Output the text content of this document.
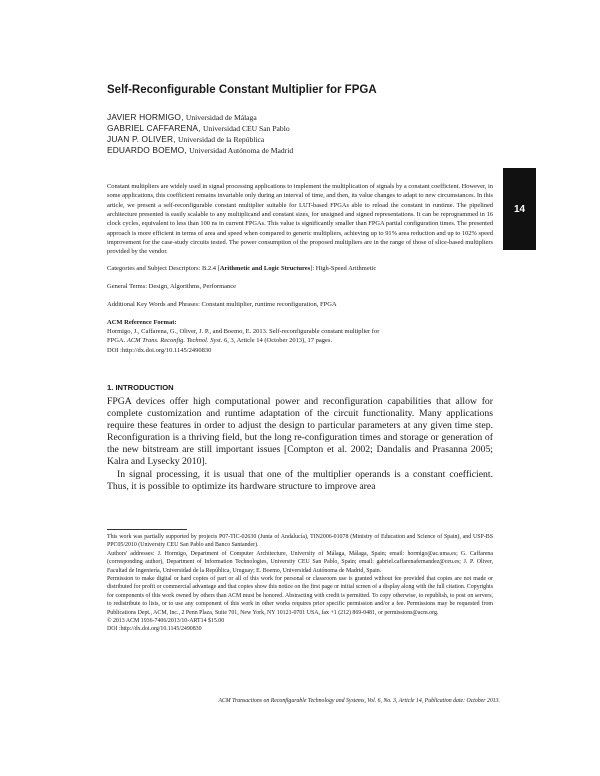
Self-Reconfigurable Constant Multiplier for FPGA
JAVIER HORMIGO, Universidad de Málaga
GABRIEL CAFFARENA, Universidad CEU San Pablo
JUAN P. OLIVER, Universidad de la República
EDUARDO BOEMO, Universidad Autónoma de Madrid
14
Constant multipliers are widely used in signal processing applications to implement the multiplication of signals by a constant coefficient. However, in some applications, this coefficient remains invariable only during an interval of time, and then, its value changes to adapt to new circumstances. In this article, we present a self-reconfigurable constant multiplier suitable for LUT-based FPGAs able to reload the constant in runtime. The pipelined architecture presented is easily scalable to any multiplicand and constant sizes, for unsigned and signed representations. It can be reprogrammed in 16 clock cycles, equivalent to less than 100 ns in current FPGAs. This value is significantly smaller than FPGA partial configuration times. The presented approach is more efficient in terms of area and speed when compared to generic multipliers, achieving up to 91% area reduction and up to 102% speed improvement for the case-study circuits tested. The power consumption of the proposed multipliers are in the range of those of slice-based multipliers provided by the vendor.
Categories and Subject Descriptors: B.2.4 [Arithmetic and Logic Structures]: High-Speed Arithmetic
General Terms: Design, Algorithms, Performance
Additional Key Words and Phrases: Constant multiplier, runtime reconfiguration, FPGA
ACM Reference Format:
Hormigo, J., Caffarena, G., Oliver, J. P., and Boemo, E. 2013. Self-reconfigurable constant multiplier for
FPGA. ACM Trans. Reconfig. Technol. Syst. 6, 3, Article 14 (October 2013), 17 pages.
DOI :http://dx.doi.org/10.1145/2490830
1. INTRODUCTION

FPGA devices offer high computational power and reconfiguration capabilities that allow for complete customization and runtime adaptation of the circuit functionality. Many applications require these features in order to adjust the design to particular parameters at any given time step. Reconfiguration is a thriving field, but the long re-configuration times and storage or generation of the new bitstream are still important issues [Compton et al. 2002; Dandalis and Prasanna 2005; Kalra and Lysecky 2010].

In signal processing, it is usual that one of the multiplier operands is a constant coefficient. Thus, it is possible to optimize its hardware structure to improve area

This work was partially supported by projects P07-TIC-02630 (Junta of Andalucía), TIN2006-01078 (Ministry of Education and Science of Spain), and USP-BS PPC05/2010 (University CEU San Pablo and Banco Santander).

Authors' addresses: J. Hormigo, Department of Computer Architecture, University of Málaga, Málaga, Spain; email: hormigo@ac.uma.es; G. Caffarena (corresponding author), Department of Information Technologies, University CEU San Pablo, Spain; email: gabriel.caffarenafernandez@ceu.es; J. P. Oliver, Facultad de Ingeniería, Universidad de la República, Uruguay; E. Boemo, Universidad Autónoma de Madrid, Spain.

Permission to make digital or hard copies of part or all of this work for personal or classroom use is granted without fee provided that copies are not made or distributed for profit or commercial advantage and that copies show this notice on the first page or initial screen of a display along with the full citation. Copyrights for components of this work owned by others than ACM must be honored. Abstracting with credit is permitted. To copy otherwise, to republish, to post on servers, to redistribute to lists, or to use any component of this work in other works requires prior specific permission and/or a fee. Permissions may be requested from Publications Dept., ACM, Inc., 2 Penn Plaza, Suite 701, New York, NY 10121-0701 USA, fax +1 (212) 869-0481, or permissions@acm.org.

© 2013 ACM 1936-7406/2013/10-ART14 $15.00

DOI :http://dx.doi.org/10.1145/2490830

ACM Transactions on Reconfigurable Technology and Systems, Vol. 6, No. 3, Article 14, Publication date: October 2013.
